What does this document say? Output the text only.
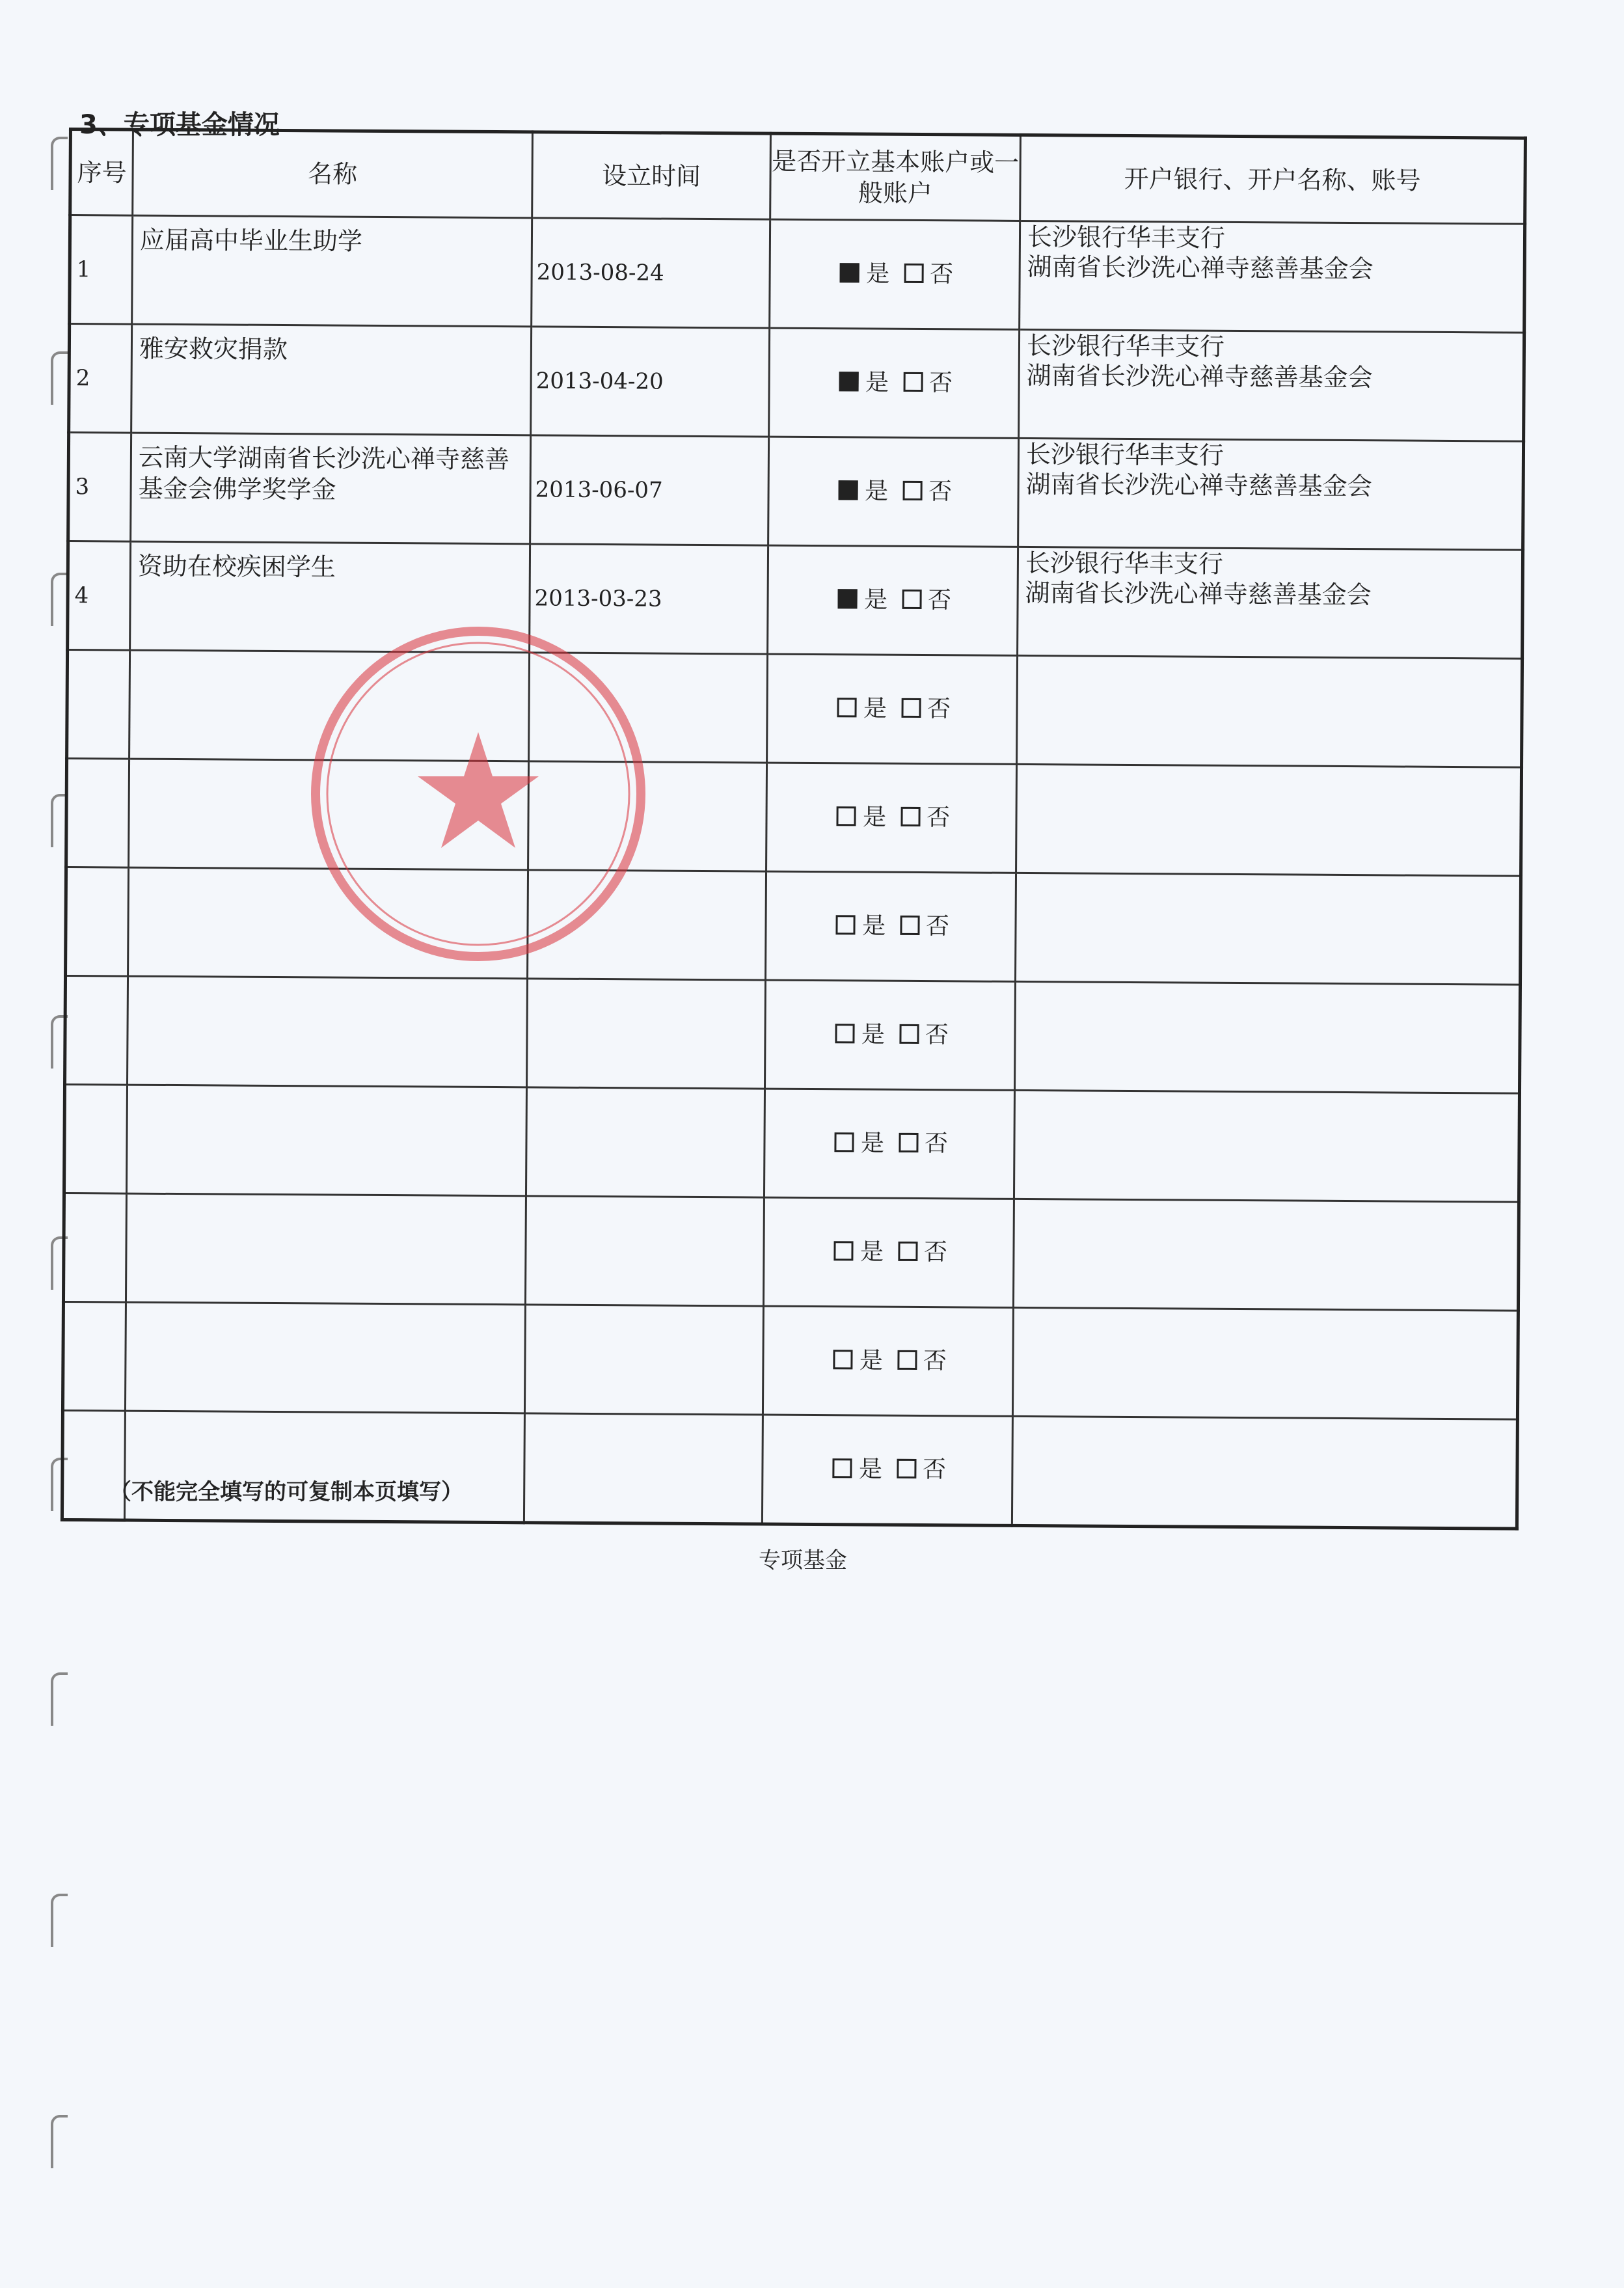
3、专项基金情况
序号	名称	设立时间	是否开立基本账户或一般账户	开户银行、开户名称、账号
1	应届高中毕业生助学	2013-08-24	是 否	长沙银行华丰支行
湖南省长沙洗心禅寺慈善基金会

2	雅安救灾捐款	2013-04-20	是 否	长沙银行华丰支行
湖南省长沙洗心禅寺慈善基金会

3	云南大学湖南省长沙洗心禅寺慈善基金会佛学奖学金	2013-06-07	是 否	长沙银行华丰支行
湖南省长沙洗心禅寺慈善基金会

4	资助在校疾困学生	2013-03-23	是 否	长沙银行华丰支行
湖南省长沙洗心禅寺慈善基金会

			是 否	

			是 否	

			是 否	

			是 否	

			是 否	

			是 否	

			是 否	

			是 否	
（不能完全填写的可复制本页填写）
专项基金
